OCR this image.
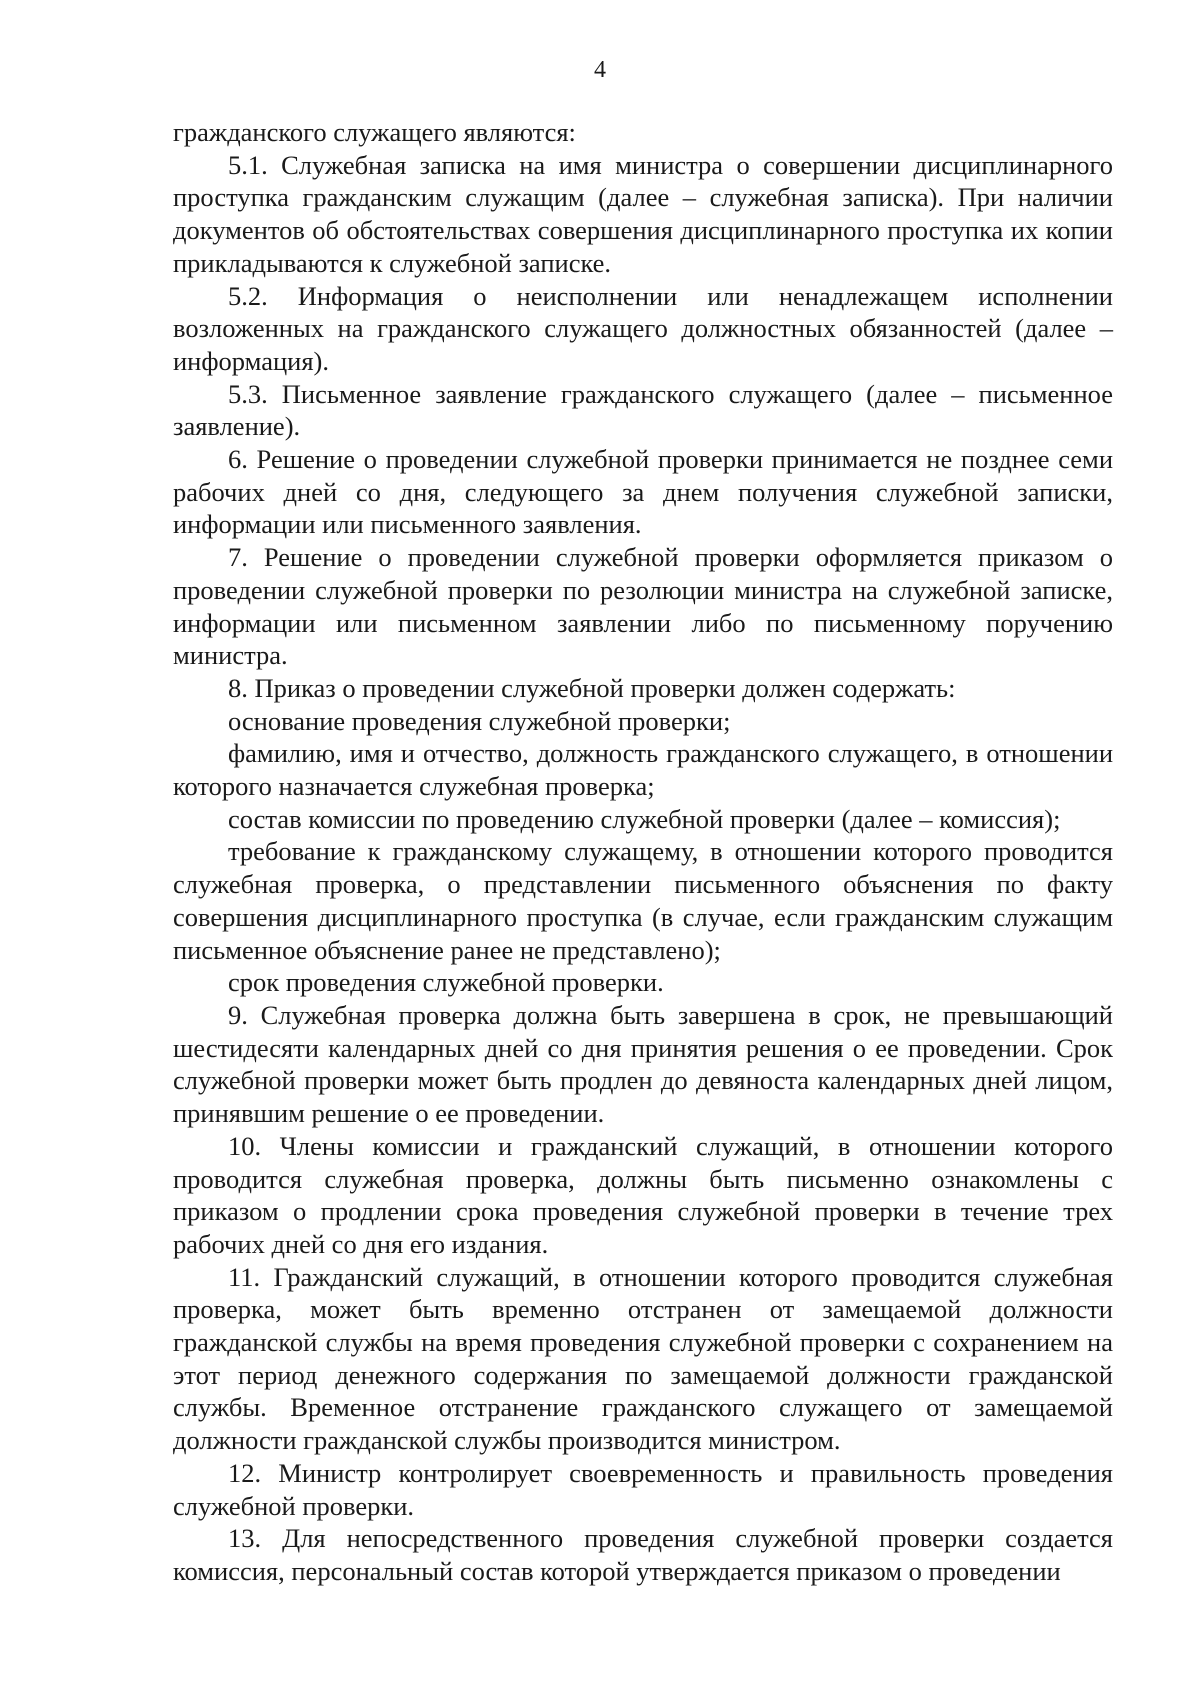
4

гражданского служащего являются:

5.1. Служебная записка на имя министра о совершении дисциплинарного проступка гражданским служащим (далее – служебная записка). При наличии документов об обстоятельствах совершения дисциплинарного проступка их копии прикладываются к служебной записке.

5.2. Информация о неисполнении или ненадлежащем исполнении возложенных на гражданского служащего должностных обязанностей (далее – информация).

5.3. Письменное заявление гражданского служащего (далее – письменное заявление).

6. Решение о проведении служебной проверки принимается не позднее семи рабочих дней со дня, следующего за днем получения служебной записки, информации или письменного заявления.

7. Решение о проведении служебной проверки оформляется приказом о проведении служебной проверки по резолюции министра на служебной записке, информации или письменном заявлении либо по письменному поручению министра.

8. Приказ о проведении служебной проверки должен содержать:

основание проведения служебной проверки;

фамилию, имя и отчество, должность гражданского служащего, в отношении которого назначается служебная проверка;

состав комиссии по проведению служебной проверки (далее – комиссия);

требование к гражданскому служащему, в отношении которого проводится служебная проверка, о представлении письменного объяснения по факту совершения дисциплинарного проступка (в случае, если гражданским служащим письменное объяснение ранее не представлено);

срок проведения служебной проверки.

9. Служебная проверка должна быть завершена в срок, не превышающий шестидесяти календарных дней со дня принятия решения о ее проведении. Срок служебной проверки может быть продлен до девяноста календарных дней лицом, принявшим решение о ее проведении.

10. Члены комиссии и гражданский служащий, в отношении которого проводится служебная проверка, должны быть письменно ознакомлены с приказом о продлении срока проведения служебной проверки в течение трех рабочих дней со дня его издания.

11. Гражданский служащий, в отношении которого проводится служебная проверка, может быть временно отстранен от замещаемой должности гражданской службы на время проведения служебной проверки с сохранением на этот период денежного содержания по замещаемой должности гражданской службы. Временное отстранение гражданского служащего от замещаемой должности гражданской службы производится министром.

12. Министр контролирует своевременность и правильность проведения служебной проверки.

13. Для непосредственного проведения служебной проверки создается комиссия, персональный состав которой утверждается приказом о проведении
